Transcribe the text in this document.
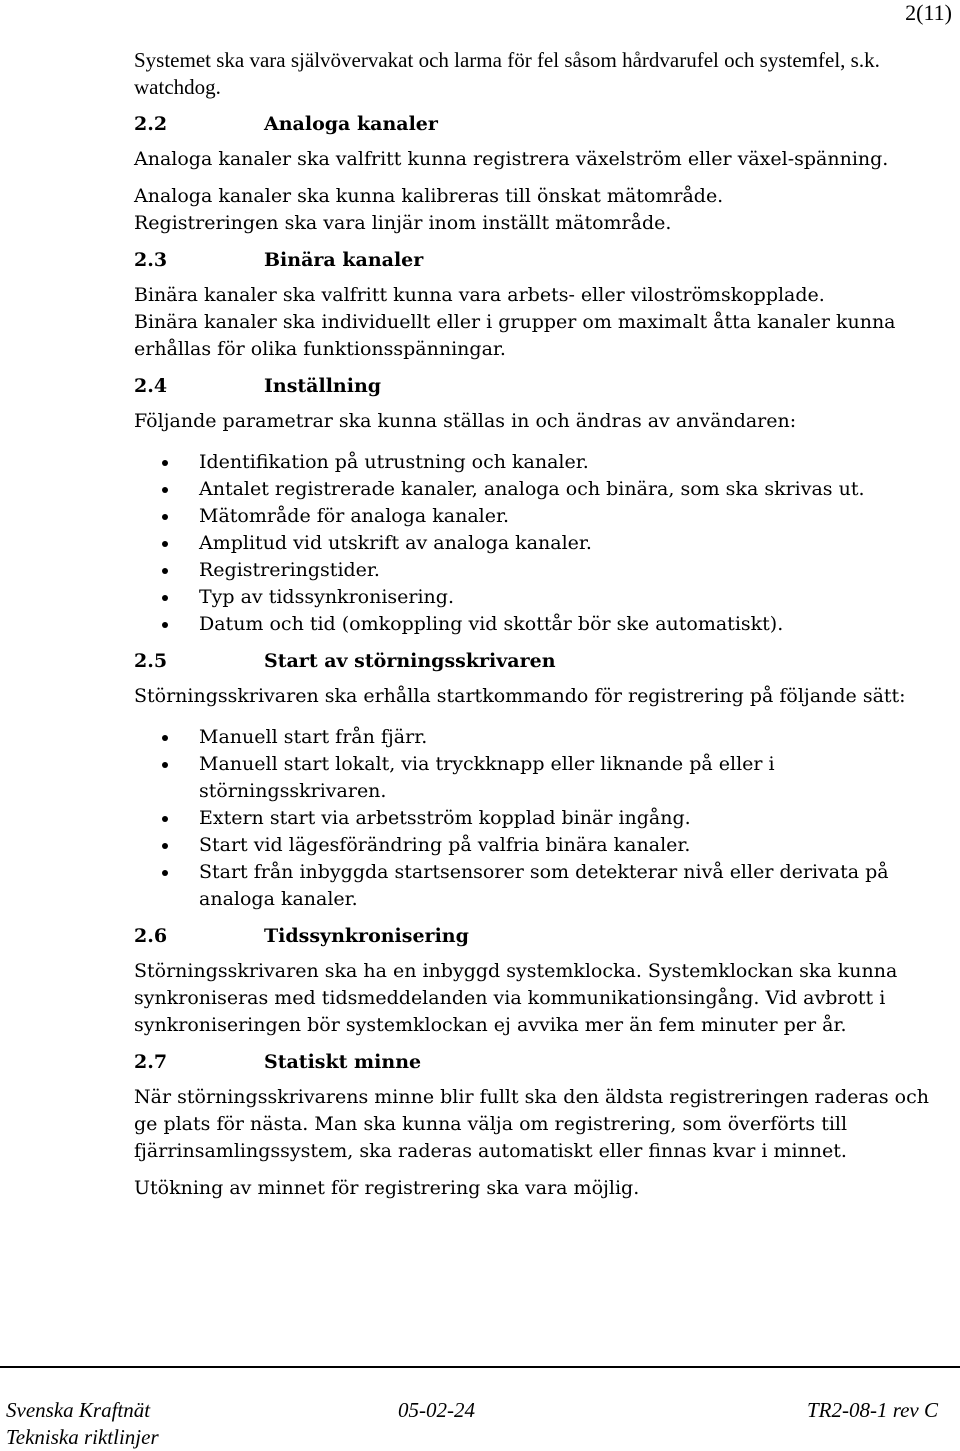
2(11)

Systemet ska vara självövervakat och larma för fel såsom hårdvarufel och systemfel, s.k. watchdog.

2.2	Analoga kanaler

Analoga kanaler ska valfritt kunna registrera växelström eller växel-spänning.

Analoga kanaler ska kunna kalibreras till önskat mätområde.

Registreringen ska vara linjär inom inställt mätområde.

2.3	Binära kanaler

Binära kanaler ska valfritt kunna vara arbets- eller viloströmskopplade.

Binära kanaler ska individuellt eller i grupper om maximalt åtta kanaler kunna erhållas för olika funktionsspänningar.

2.4	Inställning

Följande parametrar ska kunna ställas in och ändras av användaren:

Identifikation på utrustning och kanaler.
Antalet registrerade kanaler, analoga och binära, som ska skrivas ut.
Mätområde för analoga kanaler.
Amplitud vid utskrift av analoga kanaler.
Registreringstider.
Typ av tidssynkronisering.
Datum och tid (omkoppling vid skottår bör ske automatiskt).
2.5	Start av störningsskrivaren

Störningsskrivaren ska erhålla startkommando för registrering på följande sätt:

Manuell start från fjärr.
Manuell start lokalt, via tryckknapp eller liknande på eller i störningsskrivaren.
Extern start via arbetsström kopplad binär ingång.
Start vid lägesförändring på valfria binära kanaler.
Start från inbyggda startsensorer som detekterar nivå eller derivata på analoga kanaler.
2.6	Tidssynkronisering

Störningsskrivaren ska ha en inbyggd systemklocka. Systemklockan ska kunna synkroniseras med tidsmeddelanden via kommunikationsingång. Vid avbrott i synkroniseringen bör systemklockan ej avvika mer än fem minuter per år.

2.7	Statiskt minne

När störningsskrivarens minne blir fullt ska den äldsta registreringen raderas och ge plats för nästa. Man ska kunna välja om registrering, som överförts till fjärrinsamlingssystem, ska raderas automatiskt eller finnas kvar i minnet.

Utökning av minnet för registrering ska vara möjlig.

Svenska Kraftnät	05-02-24	TR2-08-1 rev C
Tekniska riktlinjer
